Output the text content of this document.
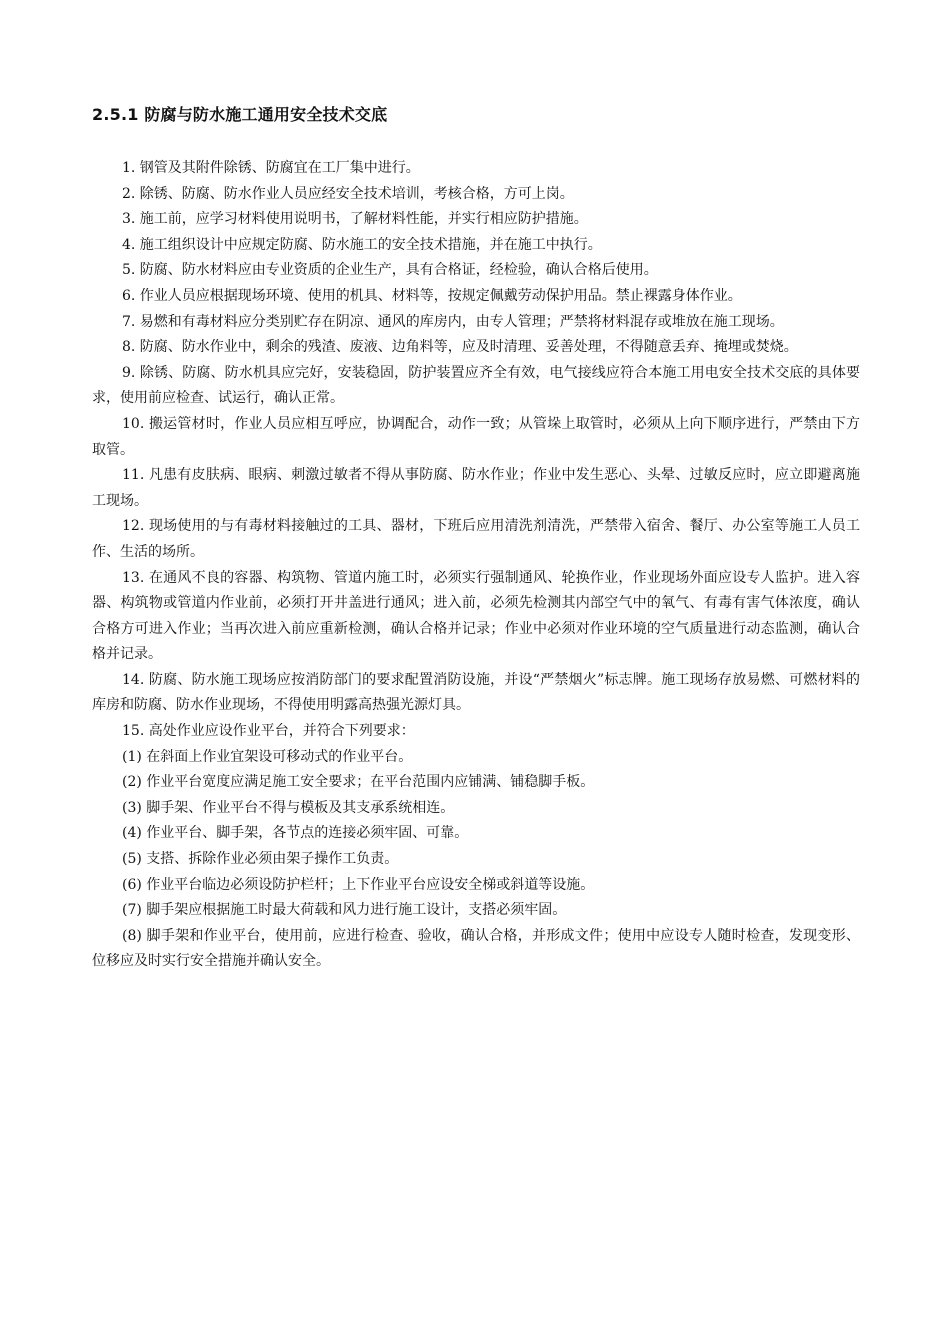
2.5.1 防腐与防水施工通用安全技术交底

1. 钢管及其附件除锈、防腐宜在工厂集中进行。

2. 除锈、防腐、防水作业人员应经安全技术培训，考核合格，方可上岗。

3. 施工前，应学习材料使用说明书，了解材料性能，并实行相应防护措施。

4. 施工组织设计中应规定防腐、防水施工的安全技术措施，并在施工中执行。

5. 防腐、防水材料应由专业资质的企业生产，具有合格证，经检验，确认合格后使用。

6. 作业人员应根据现场环境、使用的机具、材料等，按规定佩戴劳动保护用品。禁止裸露身体作业。

7. 易燃和有毒材料应分类别贮存在阴凉、通风的库房内，由专人管理；严禁将材料混存或堆放在施工现场。

8. 防腐、防水作业中，剩余的残渣、废液、边角料等，应及时清理、妥善处理，不得随意丢弃、掩埋或焚烧。

9. 除锈、防腐、防水机具应完好，安装稳固，防护装置应齐全有效，电气接线应符合本施工用电安全技术交底的具体要求，使用前应检查、试运行，确认正常。

10. 搬运管材时，作业人员应相互呼应，协调配合，动作一致；从管垛上取管时，必须从上向下顺序进行，严禁由下方取管。

11. 凡患有皮肤病、眼病、刺激过敏者不得从事防腐、防水作业；作业中发生恶心、头晕、过敏反应时，应立即避离施工现场。

12. 现场使用的与有毒材料接触过的工具、器材，下班后应用清洗剂清洗，严禁带入宿舍、餐厅、办公室等施工人员工作、生活的场所。

13. 在通风不良的容器、构筑物、管道内施工时，必须实行强制通风、轮换作业，作业现场外面应设专人监护。进入容器、构筑物或管道内作业前，必须打开井盖进行通风；进入前，必须先检测其内部空气中的氧气、有毒有害气体浓度，确认合格方可进入作业；当再次进入前应重新检测，确认合格并记录；作业中必须对作业环境的空气质量进行动态监测，确认合格并记录。

14. 防腐、防水施工现场应按消防部门的要求配置消防设施，并设“严禁烟火”标志牌。施工现场存放易燃、可燃材料的库房和防腐、防水作业现场，不得使用明露高热强光源灯具。

15. 高处作业应设作业平台，并符合下列要求：

(1) 在斜面上作业宜架设可移动式的作业平台。

(2) 作业平台宽度应满足施工安全要求；在平台范围内应铺满、铺稳脚手板。

(3) 脚手架、作业平台不得与模板及其支承系统相连。

(4) 作业平台、脚手架，各节点的连接必须牢固、可靠。

(5) 支搭、拆除作业必须由架子操作工负责。

(6) 作业平台临边必须设防护栏杆；上下作业平台应设安全梯或斜道等设施。

(7) 脚手架应根据施工时最大荷载和风力进行施工设计，支搭必须牢固。

(8) 脚手架和作业平台，使用前，应进行检查、验收，确认合格，并形成文件；使用中应设专人随时检查，发现变形、位移应及时实行安全措施并确认安全。
